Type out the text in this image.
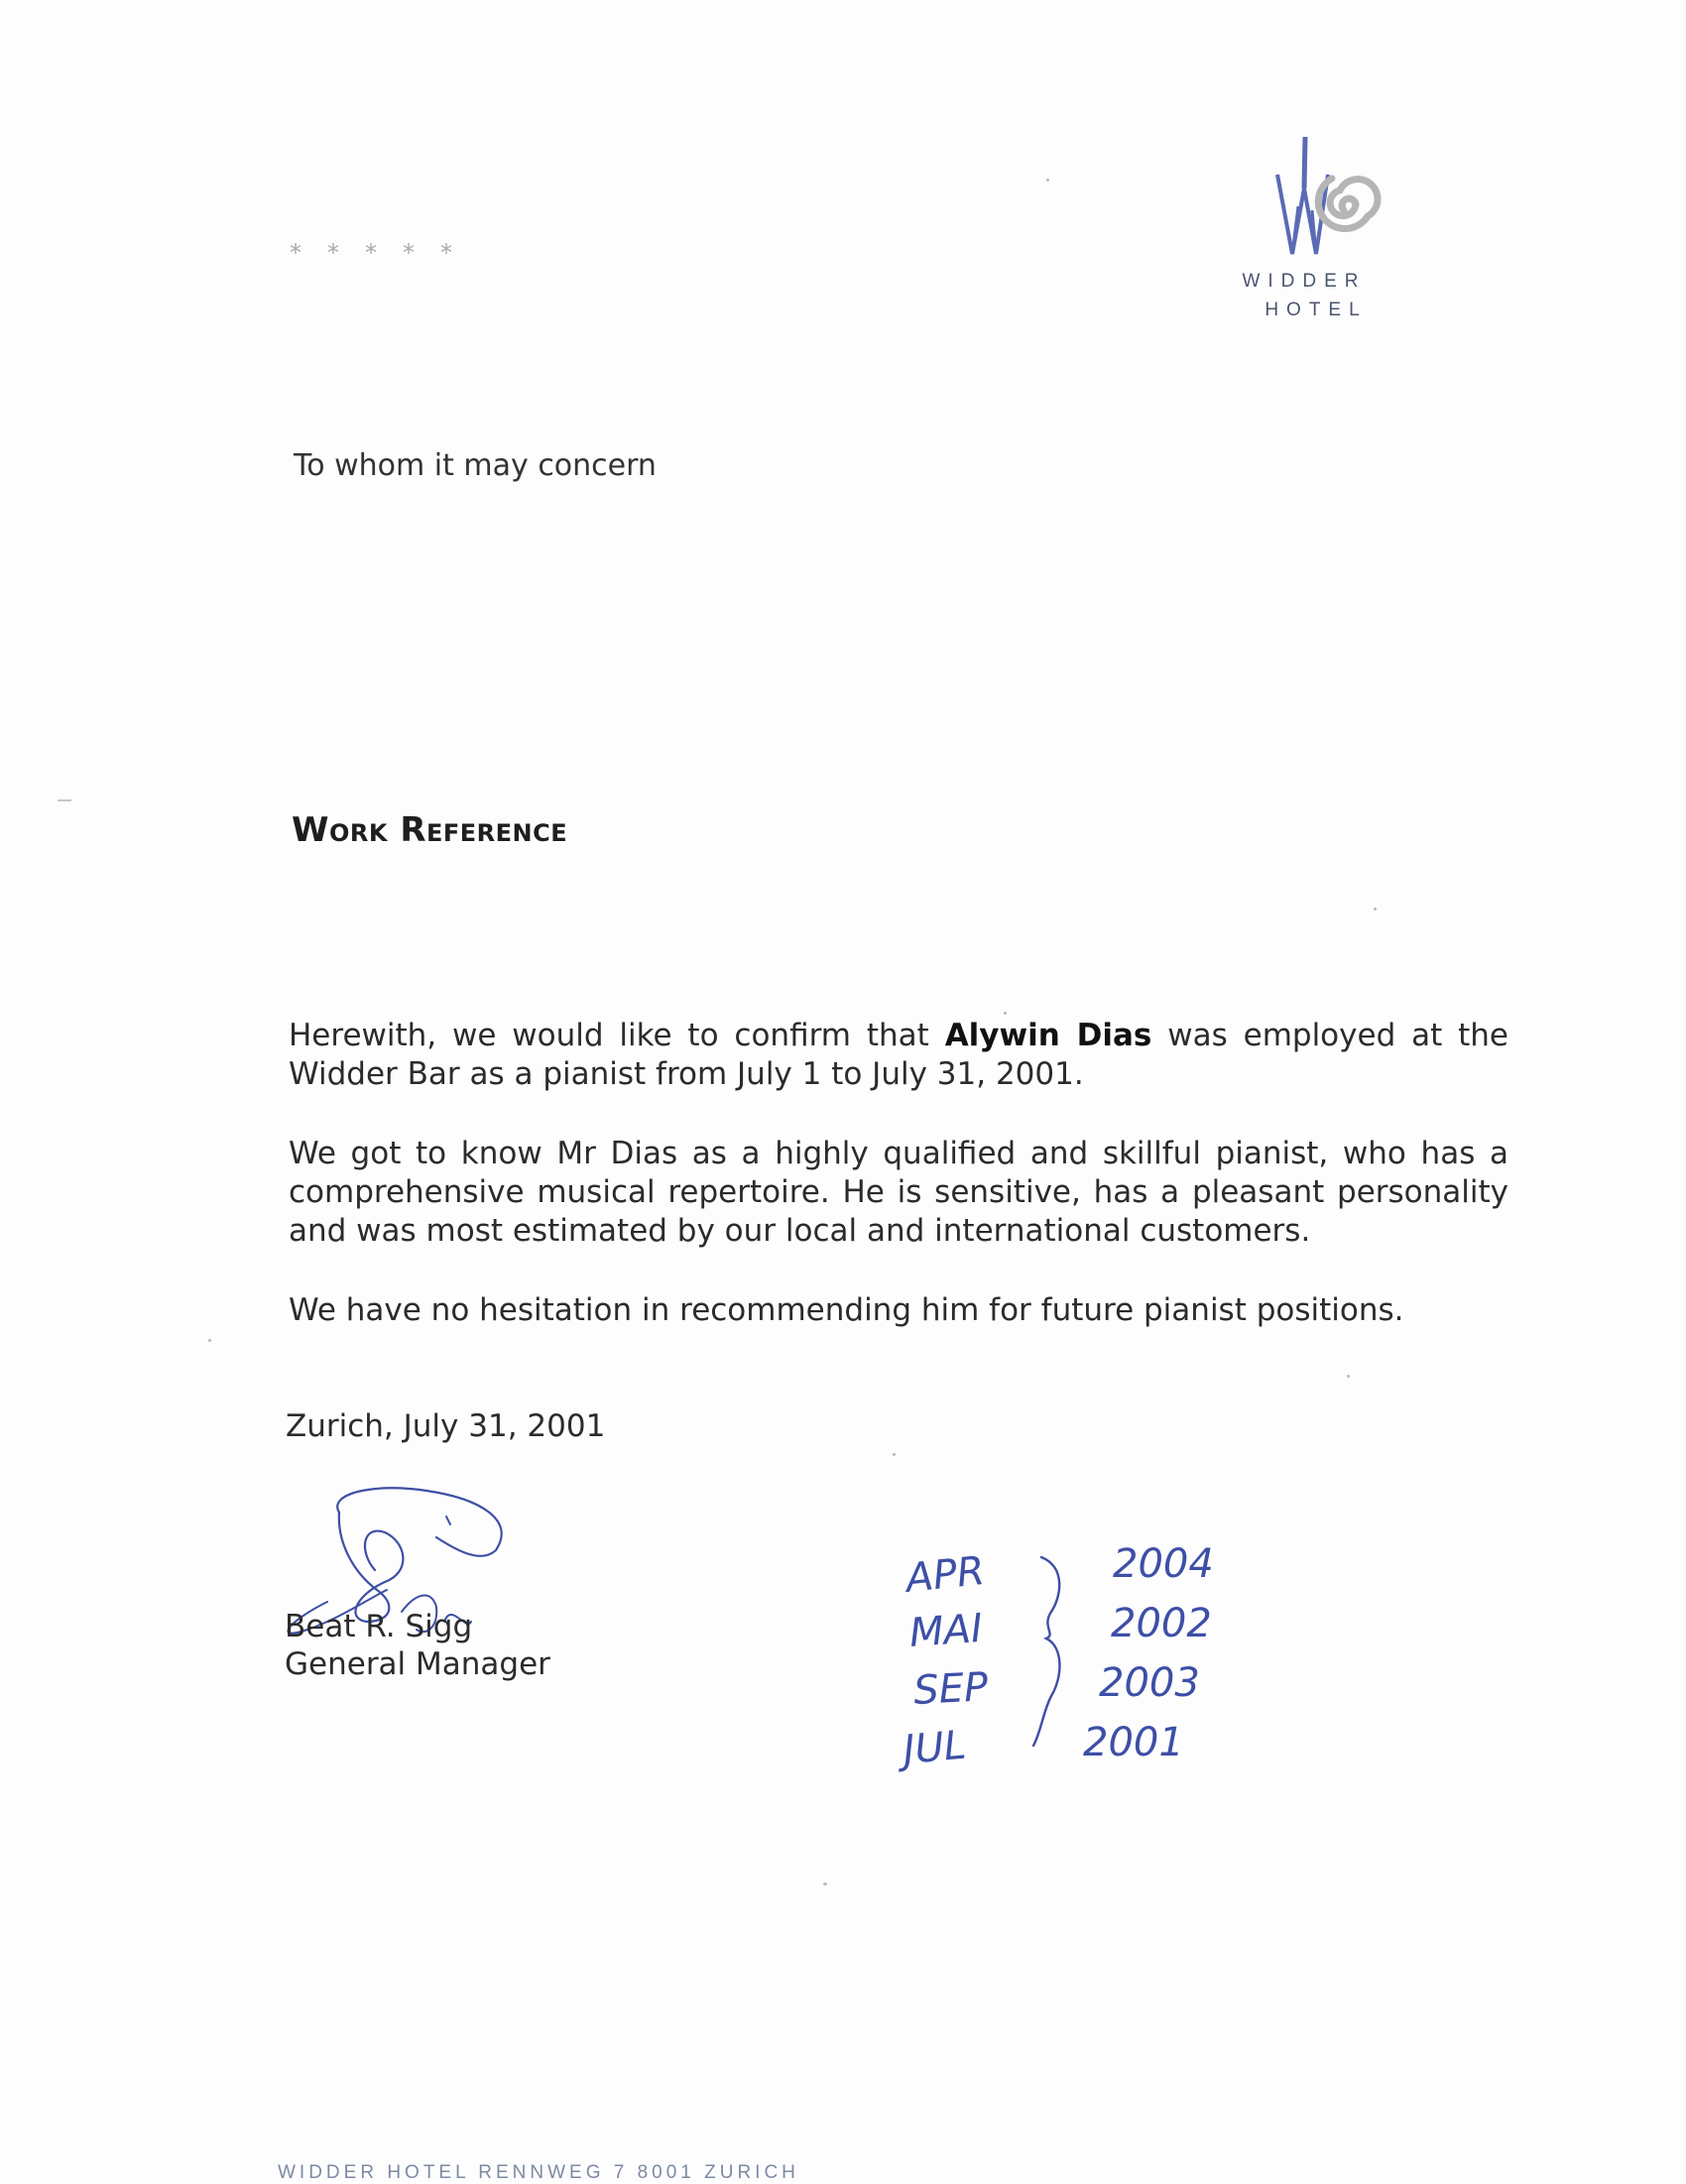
* * * * *
WIDDER
HOTEL
To whom it may concern
Work Reference
Herewith, we would like to confirm that Alywin Dias was employed at the Widder Bar as a pianist from July 1 to July 31, 2001.
We got to know Mr Dias as a highly qualified and skillful pianist, who has a comprehensive musical repertoire. He is sensitive, has a pleasant personality and was most estimated by our local and international customers.
We have no hesitation in recommending him for future pianist positions.
Zurich, July 31, 2001
Beat R. Sigg
General Manager
APR
MAI
SEP
JUL
2004
2002
2003
2001
WIDDER HOTEL RENNWEG 7 8001 ZURICH
